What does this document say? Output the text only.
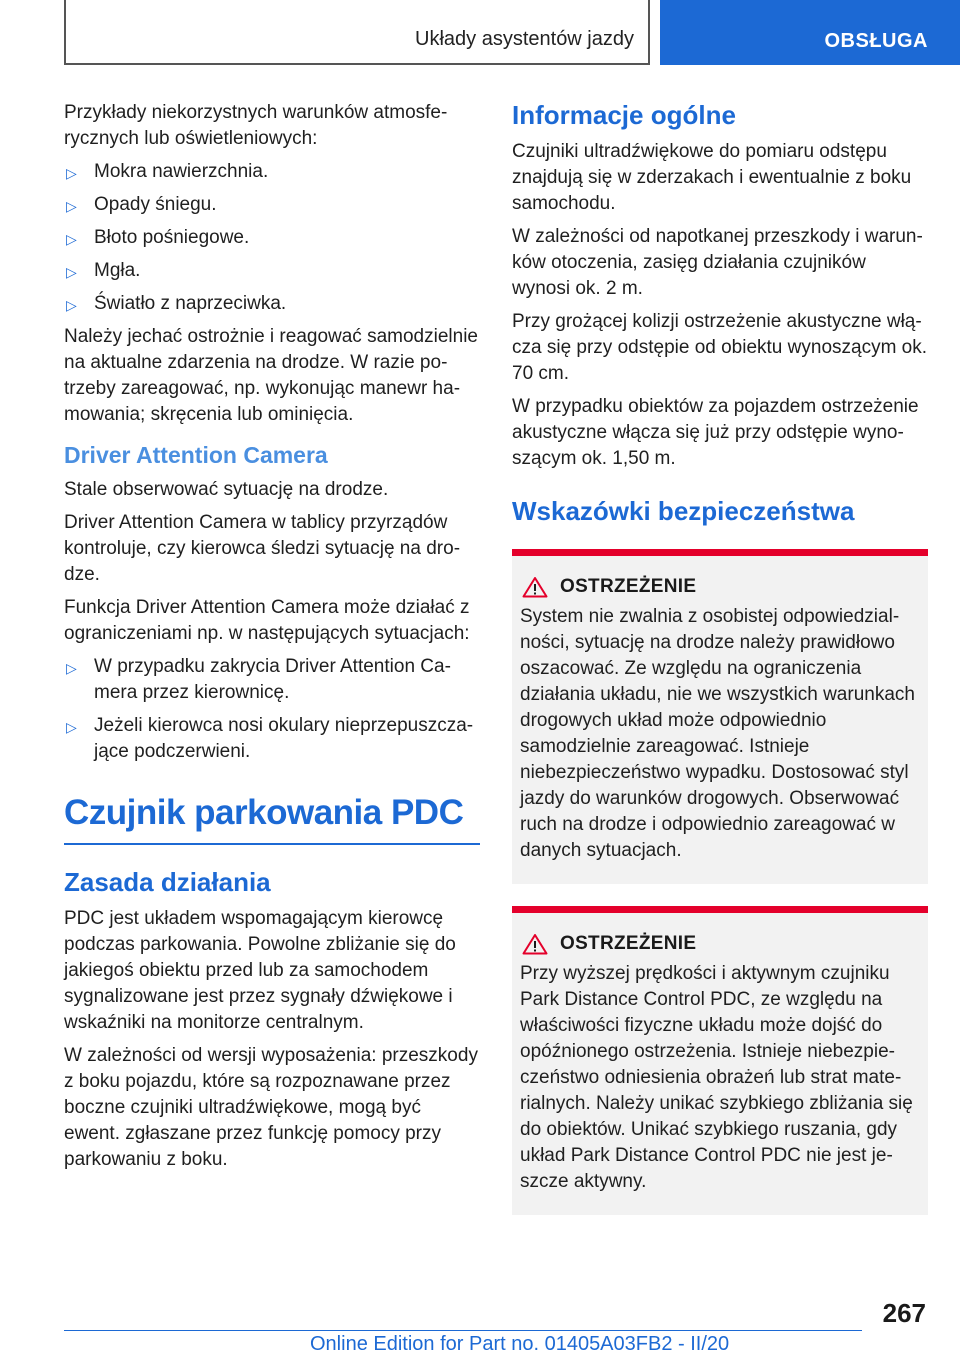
Układy asystentów jazdy	OBSŁUGA

Przykłady niekorzystnych warunków atmosferycznych lub oświetleniowych:

▷ Mokra nawierzchnia.
▷ Opady śniegu.
▷ Błoto pośniegowe.
▷ Mgła.
▷ Światło z naprzeciwka.

Należy jechać ostrożnie i reagować samodzielnie na aktualne zdarzenia na drodze. W razie potrzeby zareagować, np. wykonując manewr hamowania; skręcenia lub ominięcia.

Driver Attention Camera

Stale obserwować sytuację na drodze.

Driver Attention Camera w tablicy przyrządów kontroluje, czy kierowca śledzi sytuację na drodze.

Funkcja Driver Attention Camera może działać z ograniczeniami np. w następujących sytuacjach:

▷ W przypadku zakrycia Driver Attention Camera przez kierownicę.
▷ Jeżeli kierowca nosi okulary nieprzepuszczające podczerwieni.
Czujnik parkowania PDC
Zasada działania

PDC jest układem wspomagającym kierowcę podczas parkowania. Powolne zbliżanie się do jakiegoś obiektu przed lub za samochodem sygnalizowane jest przez sygnały dźwiękowe i wskaźniki na monitorze centralnym.

W zależności od wersji wyposażenia: przeszkody z boku pojazdu, które są rozpoznawane przez boczne czujniki ultradźwiękowe, mogą być ewent. zgłaszane przez funkcję pomocy przy parkowaniu z boku.

Informacje ogólne

Czujniki ultradźwiękowe do pomiaru odstępu znajdują się w zderzakach i ewentualnie z boku samochodu.

W zależności od napotkanej przeszkody i warunków otoczenia, zasięg działania czujników wynosi ok. 2 m.

Przy grożącej kolizji ostrzeżenie akustyczne włącza się przy odstępie od obiektu wynoszącym ok. 70 cm.

W przypadku obiektów za pojazdem ostrzeżenie akustyczne włącza się już przy odstępie wynoszącym ok. 1,50 m.

Wskazówki bezpieczeństwa
OSTRZEŻENIE

System nie zwalnia z osobistej odpowiedzialności, sytuację na drodze należy prawidłowo oszacować. Ze względu na ograniczenia działania układu, nie we wszystkich warunkach drogowych układ może odpowiednio samodzielnie zareagować. Istnieje niebezpieczeństwo wypadku. Dostosować styl jazdy do warunków drogowych. Obserwować ruch na drodze i odpowiednio zareagować w danych sytuacjach.

OSTRZEŻENIE

Przy wyższej prędkości i aktywnym czujniku Park Distance Control PDC, ze względu na właściwości fizyczne układu może dojść do opóźnionego ostrzeżenia. Istnieje niebezpieczeństwo odniesienia obrażeń lub strat materialnych. Należy unikać szybkiego zbliżania się do obiektów. Unikać szybkiego ruszania, gdy układ Park Distance Control PDC nie jest jeszcze aktywny.

267
Online Edition for Part no. 01405A03FB2 - II/20
